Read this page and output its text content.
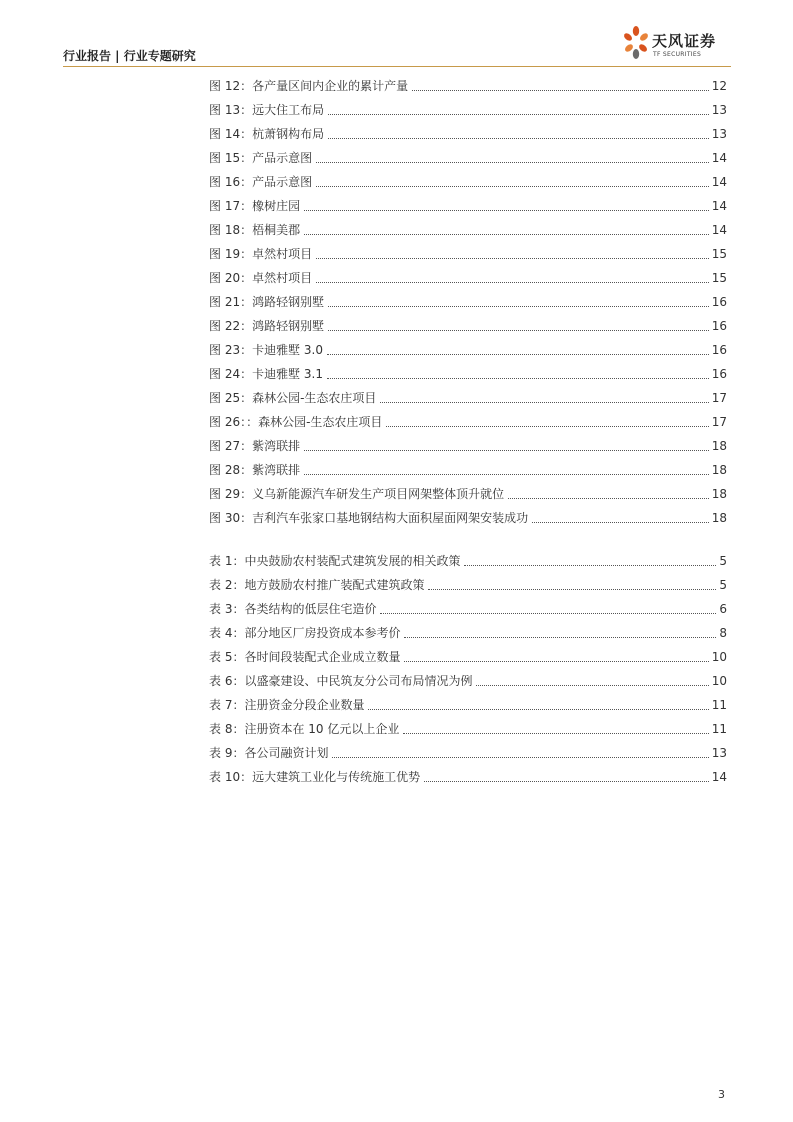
行业报告 | 行业专题研究
天风证券
TF SECURITIES
图 12：各产量区间内企业的累计产量	12
图 13：远大住工布局	13
图 14：杭萧钢构布局	13
图 15：产品示意图	14
图 16：产品示意图	14
图 17：橡树庄园	14
图 18：梧桐美郡	14
图 19：卓然村项目	15
图 20：卓然村项目	15
图 21：鸿路轻钢别墅	16
图 22：鸿路轻钢别墅	16
图 23：卡迪雅墅 3.0	16
图 24：卡迪雅墅 3.1	16
图 25：森林公园-生态农庄项目	17
图 26：：森林公园-生态农庄项目	17
图 27：紫湾联排	18
图 28：紫湾联排	18
图 29：义乌新能源汽车研发生产项目网架整体顶升就位	18
图 30：吉利汽车张家口基地钢结构大面积屋面网架安装成功	18
表 1：中央鼓励农村装配式建筑发展的相关政策	5
表 2：地方鼓励农村推广装配式建筑政策	5
表 3：各类结构的低层住宅造价	6
表 4：部分地区厂房投资成本参考价	8
表 5：各时间段装配式企业成立数量	10
表 6：以盛豪建设、中民筑友分公司布局情况为例	10
表 7：注册资金分段企业数量	11
表 8：注册资本在 10 亿元以上企业	11
表 9：各公司融资计划	13
表 10：远大建筑工业化与传统施工优势	14
3
